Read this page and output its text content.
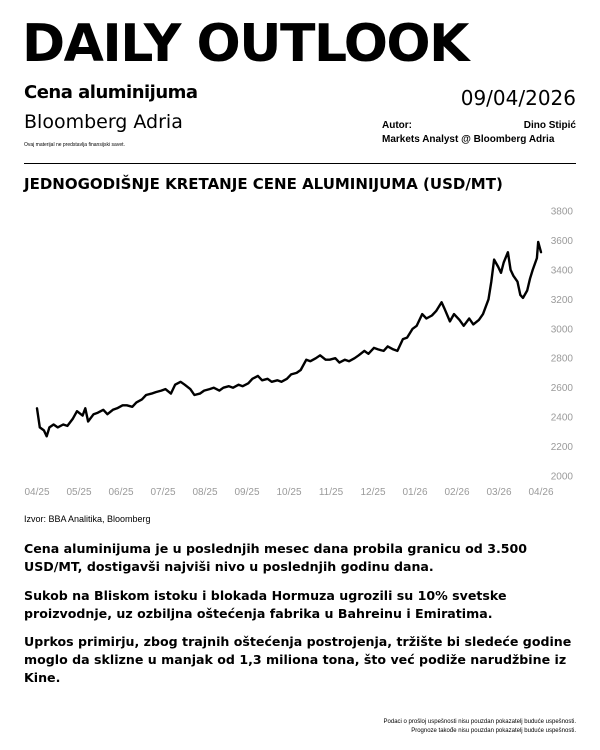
DAILY OUTLOOK
Cena aluminijuma
Bloomberg Adria
Ovaj materijal ne predstavlja finansijski savet.
09/04/2026
Autor:	Dino Stipić
Markets Analyst @ Bloomberg Adria
JEDNOGODIŠNJE KRETANJE CENE ALUMINIJUMA (USD/MT)
2000
2200
2400
2600
2800
3000
3200
3400
3600
3800
04/25 05/25 06/25 07/25 08/25 09/25 10/25 11/25 12/25 01/26 02/26 03/26 04/26
Izvor: BBA Analitika, Bloomberg
Cena aluminijuma je u poslednjih mesec dana probila granicu od 3.500 USD/MT, dostigavši najviši nivo u poslednjih godinu dana.
Sukob na Bliskom istoku i blokada Hormuza ugrozili su 10% svetske proizvodnje, uz ozbiljna oštećenja fabrika u Bahreinu i Emiratima.
Uprkos primirju, zbog trajnih oštećenja postrojenja, tržište bi sledeće godine moglo da sklizne u manjak od 1,3 miliona tona, što već podiže narudžbine iz Kine.
Podaci o prošloj uspešnosti nisu pouzdan pokazatelj buduće uspešnosti.
Prognoze takođe nisu pouzdan pokazatelj buduće uspešnosti.
